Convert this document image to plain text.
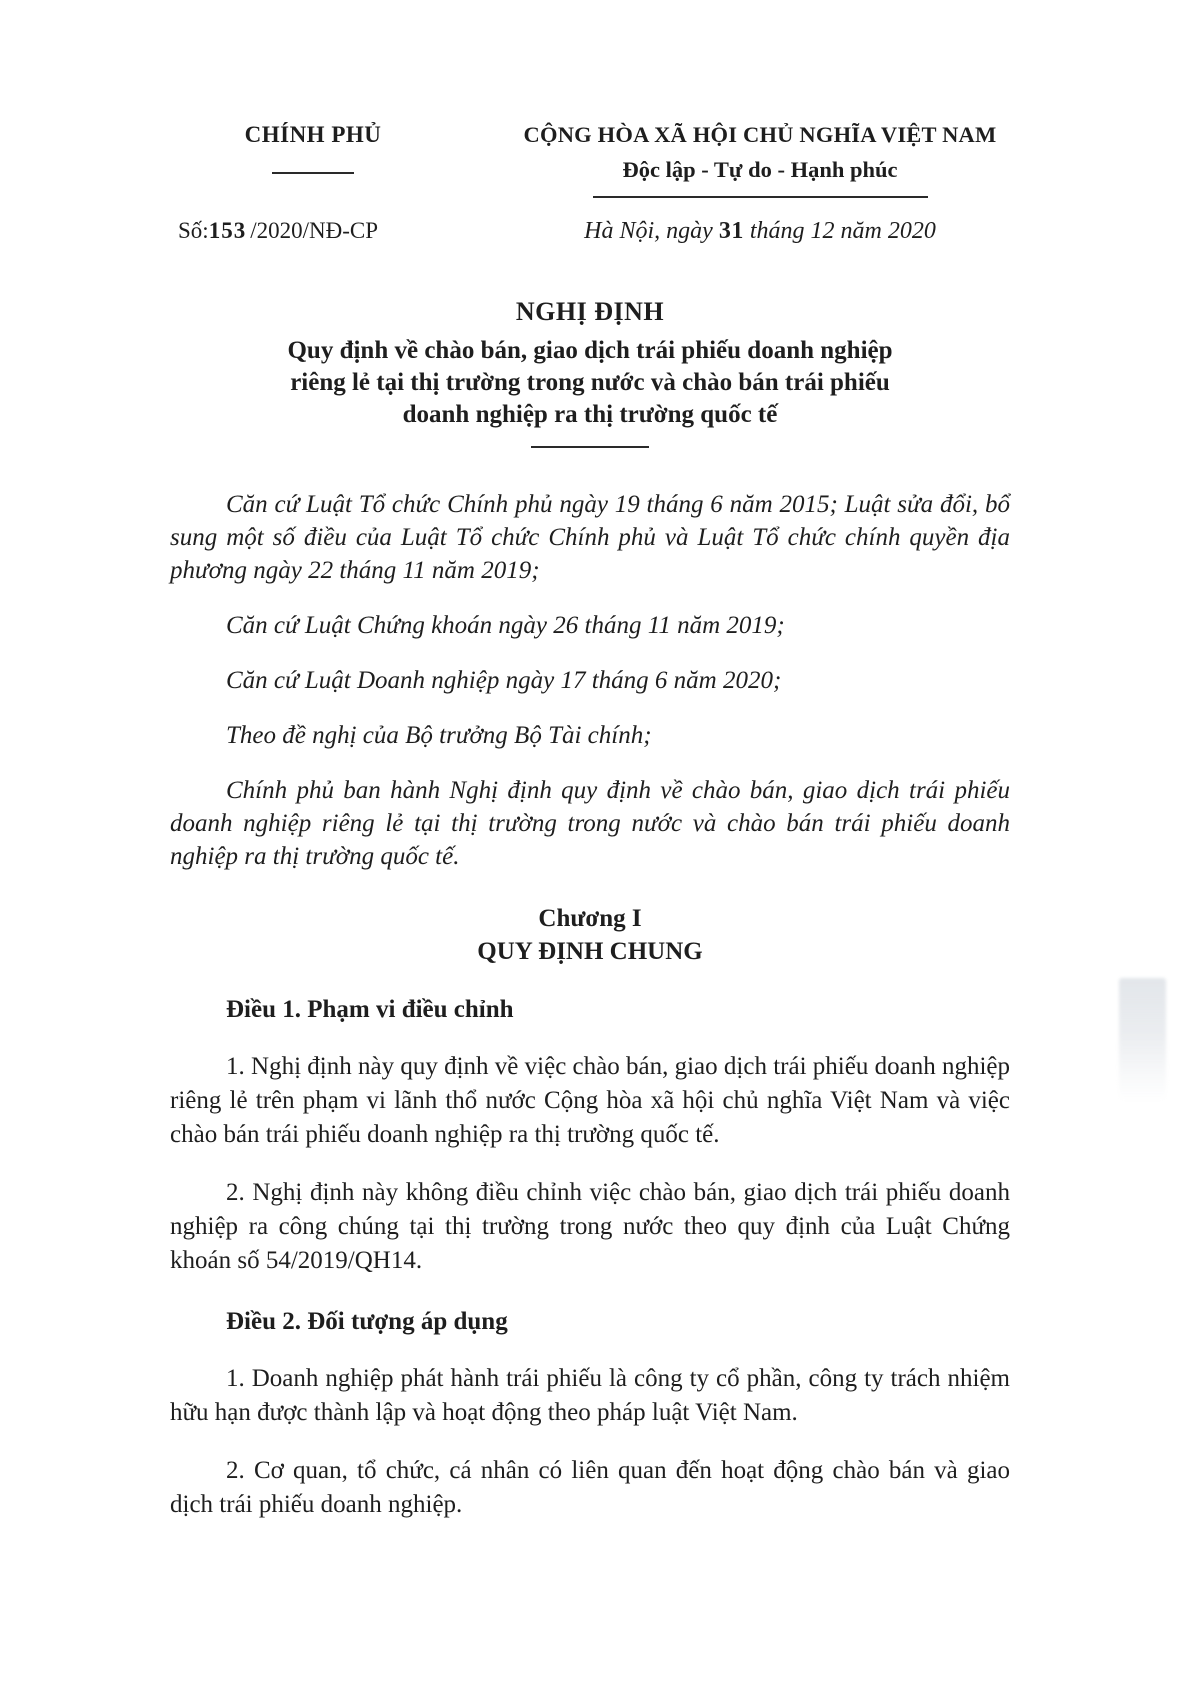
CHÍNH PHỦ	CỘNG HÒA XÃ HỘI CHỦ NGHĨA VIỆT NAM
Độc lập - Tự do - Hạnh phúc
Số:153 /2020/NĐ-CP	Hà Nội, ngày 31 tháng 12 năm 2020
NGHỊ ĐỊNH
Quy định về chào bán, giao dịch trái phiếu doanh nghiệp
riêng lẻ tại thị trường trong nước và chào bán trái phiếu
doanh nghiệp ra thị trường quốc tế

Căn cứ Luật Tổ chức Chính phủ ngày 19 tháng 6 năm 2015; Luật sửa đổi, bổ sung một số điều của Luật Tổ chức Chính phủ và Luật Tổ chức chính quyền địa phương ngày 22 tháng 11 năm 2019;

Căn cứ Luật Chứng khoán ngày 26 tháng 11 năm 2019;

Căn cứ Luật Doanh nghiệp ngày 17 tháng 6 năm 2020;

Theo đề nghị của Bộ trưởng Bộ Tài chính;

Chính phủ ban hành Nghị định quy định về chào bán, giao dịch trái phiếu doanh nghiệp riêng lẻ tại thị trường trong nước và chào bán trái phiếu doanh nghiệp ra thị trường quốc tế.

Chương I
QUY ĐỊNH CHUNG
Điều 1. Phạm vi điều chỉnh

1. Nghị định này quy định về việc chào bán, giao dịch trái phiếu doanh nghiệp riêng lẻ trên phạm vi lãnh thổ nước Cộng hòa xã hội chủ nghĩa Việt Nam và việc chào bán trái phiếu doanh nghiệp ra thị trường quốc tế.

2. Nghị định này không điều chỉnh việc chào bán, giao dịch trái phiếu doanh nghiệp ra công chúng tại thị trường trong nước theo quy định của Luật Chứng khoán số 54/2019/QH14.

Điều 2. Đối tượng áp dụng

1. Doanh nghiệp phát hành trái phiếu là công ty cổ phần, công ty trách nhiệm hữu hạn được thành lập và hoạt động theo pháp luật Việt Nam.

2. Cơ quan, tổ chức, cá nhân có liên quan đến hoạt động chào bán và giao dịch trái phiếu doanh nghiệp.
